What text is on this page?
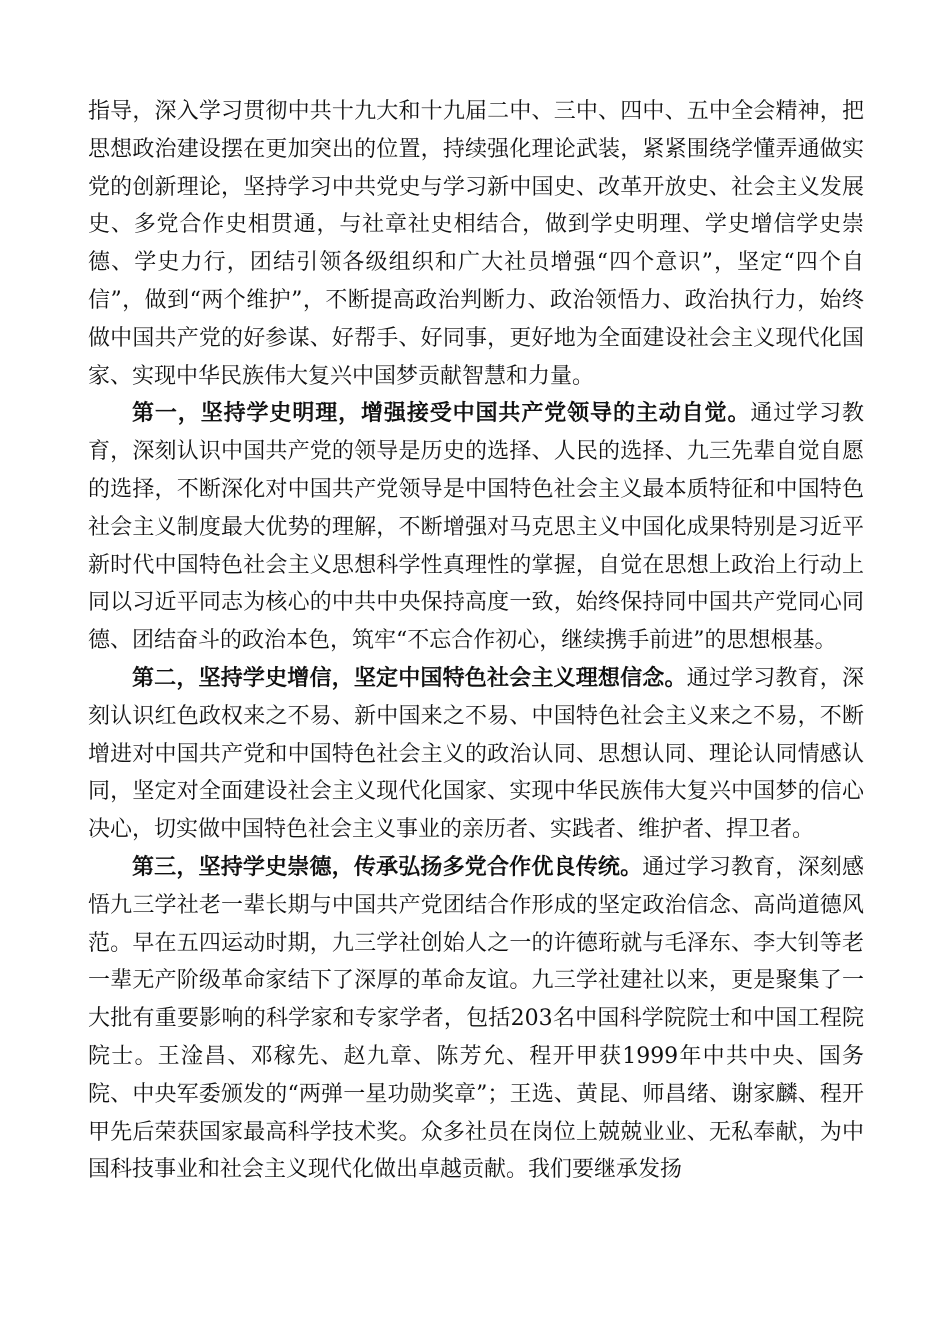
指导，深入学习贯彻中共十九大和十九届二中、三中、四中、五中全会精神，把思想政治建设摆在更加突出的位置，持续强化理论武装，紧紧围绕学懂弄通做实党的创新理论，坚持学习中共党史与学习新中国史、改革开放史、社会主义发展史、多党合作史相贯通，与社章社史相结合，做到学史明理、学史增信学史崇德、学史力行，团结引领各级组织和广大社员增强“四个意识”，坚定“四个自信”，做到“两个维护”，不断提高政治判断力、政治领悟力、政治执行力，始终做中国共产党的好参谋、好帮手、好同事，更好地为全面建设社会主义现代化国家、实现中华民族伟大复兴中国梦贡献智慧和力量。

第一，坚持学史明理，增强接受中国共产党领导的主动自觉。通过学习教育，深刻认识中国共产党的领导是历史的选择、人民的选择、九三先辈自觉自愿的选择，不断深化对中国共产党领导是中国特色社会主义最本质特征和中国特色社会主义制度最大优势的理解，不断增强对马克思主义中国化成果特别是习近平新时代中国特色社会主义思想科学性真理性的掌握，自觉在思想上政治上行动上同以习近平同志为核心的中共中央保持高度一致，始终保持同中国共产党同心同德、团结奋斗的政治本色，筑牢“不忘合作初心，继续携手前进”的思想根基。

第二，坚持学史增信，坚定中国特色社会主义理想信念。通过学习教育，深刻认识红色政权来之不易、新中国来之不易、中国特色社会主义来之不易，不断增进对中国共产党和中国特色社会主义的政治认同、思想认同、理论认同情感认同，坚定对全面建设社会主义现代化国家、实现中华民族伟大复兴中国梦的信心决心，切实做中国特色社会主义事业的亲历者、实践者、维护者、捍卫者。

第三，坚持学史崇德，传承弘扬多党合作优良传统。通过学习教育，深刻感悟九三学社老一辈长期与中国共产党团结合作形成的坚定政治信念、高尚道德风范。早在五四运动时期，九三学社创始人之一的许德珩就与毛泽东、李大钊等老一辈无产阶级革命家结下了深厚的革命友谊。九三学社建社以来，更是聚集了一大批有重要影响的科学家和专家学者，包括203名中国科学院院士和中国工程院院士。王淦昌、邓稼先、赵九章、陈芳允、程开甲获1999年中共中央、国务院、中央军委颁发的“两弹一星功勋奖章”；王选、黄昆、师昌绪、谢家麟、程开甲先后荣获国家最高科学技术奖。众多社员在岗位上兢兢业业、无私奉献，为中国科技事业和社会主义现代化做出卓越贡献。我们要继承发扬
